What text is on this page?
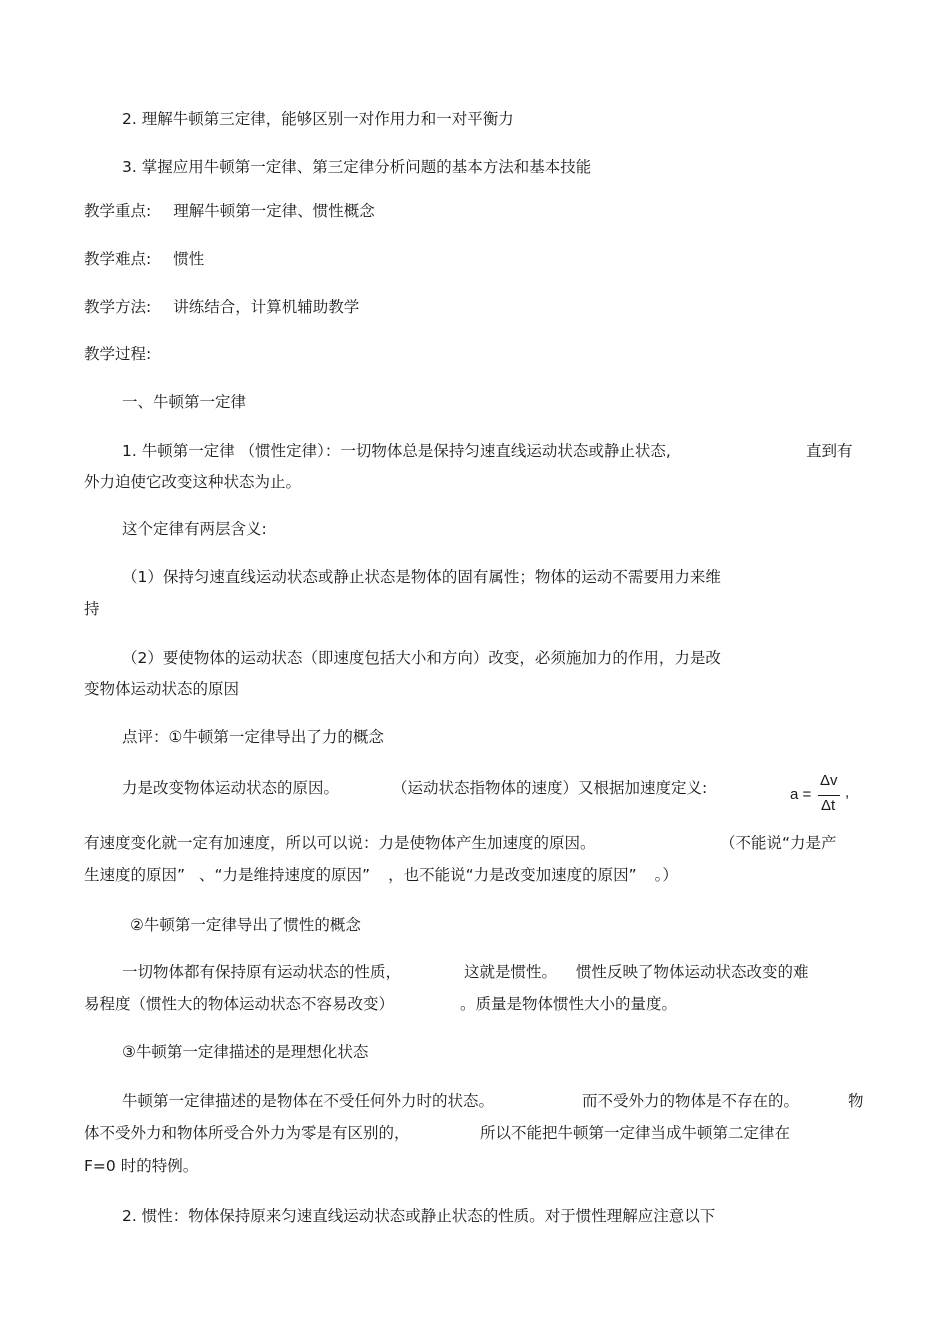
2. 理解牛顿第三定律，能够区别一对作用力和一对平衡力
3. 掌握应用牛顿第一定律、第三定律分析问题的基本方法和基本技能
教学重点: 理解牛顿第一定律、惯性概念
教学难点: 惯性
教学方法: 讲练结合，计算机辅助教学
教学过程:
一、牛顿第一定律
1. 牛顿第一定律 （惯性定律）：一切物体总是保持匀速直线运动状态或静止状态,	直到有
外力迫使它改变这种状态为止。
这个定律有两层含义:
（1）保持匀速直线运动状态或静止状态是物体的固有属性；物体的运动不需要用力来维
持
（2）要使物体的运动状态（即速度包括大小和方向）改变，必须施加力的作用，力是改
变物体运动状态的原因
点评：①牛顿第一定律导出了力的概念
力是改变物体运动状态的原因。	（运动状态指物体的速度）又根据加速度定义:	a =
Δv
Δt
,
有速度变化就一定有加速度，所以可以说：力是使物体产生加速度的原因。	（不能说“力是产
生速度的原因” 、“力是维持速度的原因” ，也不能说“力是改变加速度的原因” 。）
②牛顿第一定律导出了惯性的概念
一切物体都有保持原有运动状态的性质，	这就是惯性。 惯性反映了物体运动状态改变的难
易程度（惯性大的物体运动状态不容易改变）	。质量是物体惯性大小的量度。
③牛顿第一定律描述的是理想化状态
牛顿第一定律描述的是物体在不受任何外力时的状态。	而不受外力的物体是不存在的。	物
体不受外力和物体所受合外力为零是有区别的，	所以不能把牛顿第一定律当成牛顿第二定律在
F=0 时的特例。
2. 惯性：物体保持原来匀速直线运动状态或静止状态的性质。对于惯性理解应注意以下
